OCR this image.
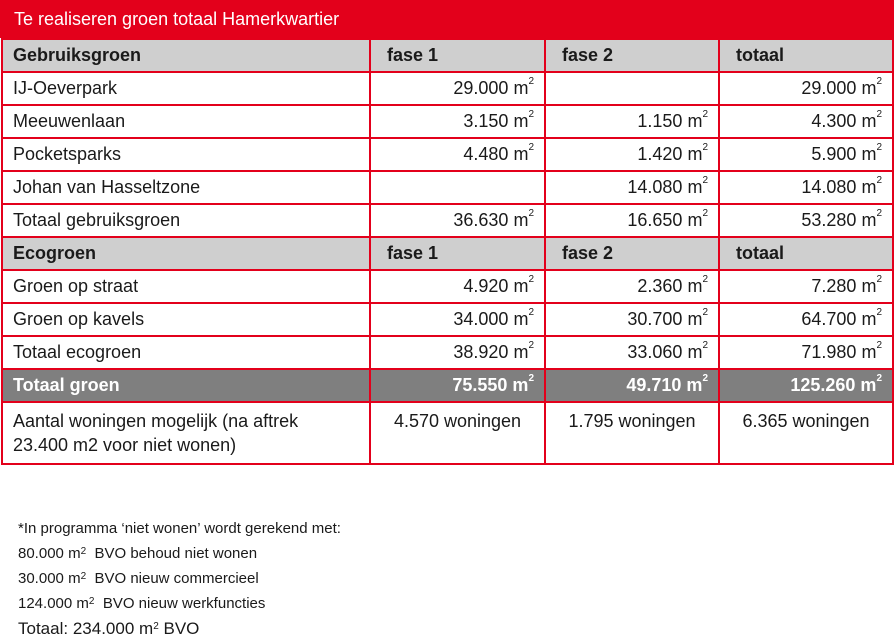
Te realiseren groen totaal Hamerkwartier
Gebruiksgroen	fase 1	fase 2	totaal
IJ-Oeverpark	29.000 $m^2$		29.000 $m^2$
Meeuwenlaan	3.150 $m^2$	1.150 $m^2$	4.300 $m^2$
Pocketsparks	4.480 $m^2$	1.420 $m^2$	5.900 $m^2$
Johan van Hasseltzone		14.080 $m^2$	14.080 $m^2$
Totaal gebruiksgroen	36.630 $m^2$	16.650 $m^2$	53.280 $m^2$
Ecogroen	fase 1	fase 2	totaal
Groen op straat	4.920 $m^2$	2.360 $m^2$	7.280 $m^2$
Groen op kavels	34.000 $m^2$	30.700 $m^2$	64.700 $m^2$
Totaal ecogroen	38.920 $m^2$	33.060 $m^2$	71.980 $m^2$
Totaal groen	75.550 $m^2$	49.710 $m^2$	125.260 $m^2$

Aantal woningen mogelijk (na aftrek
23.400 m2 voor niet wonen)	4.570 woningen	1.795 woningen	6.365 woningen
*In programma ‘niet wonen’ wordt gerekend met:
80.000 $m^2$ BVO behoud niet wonen
30.000 $m^2$ BVO nieuw commercieel
124.000 $m^2$ BVO nieuw werkfuncties
Totaal: 234.000 $m^2$ BVO
